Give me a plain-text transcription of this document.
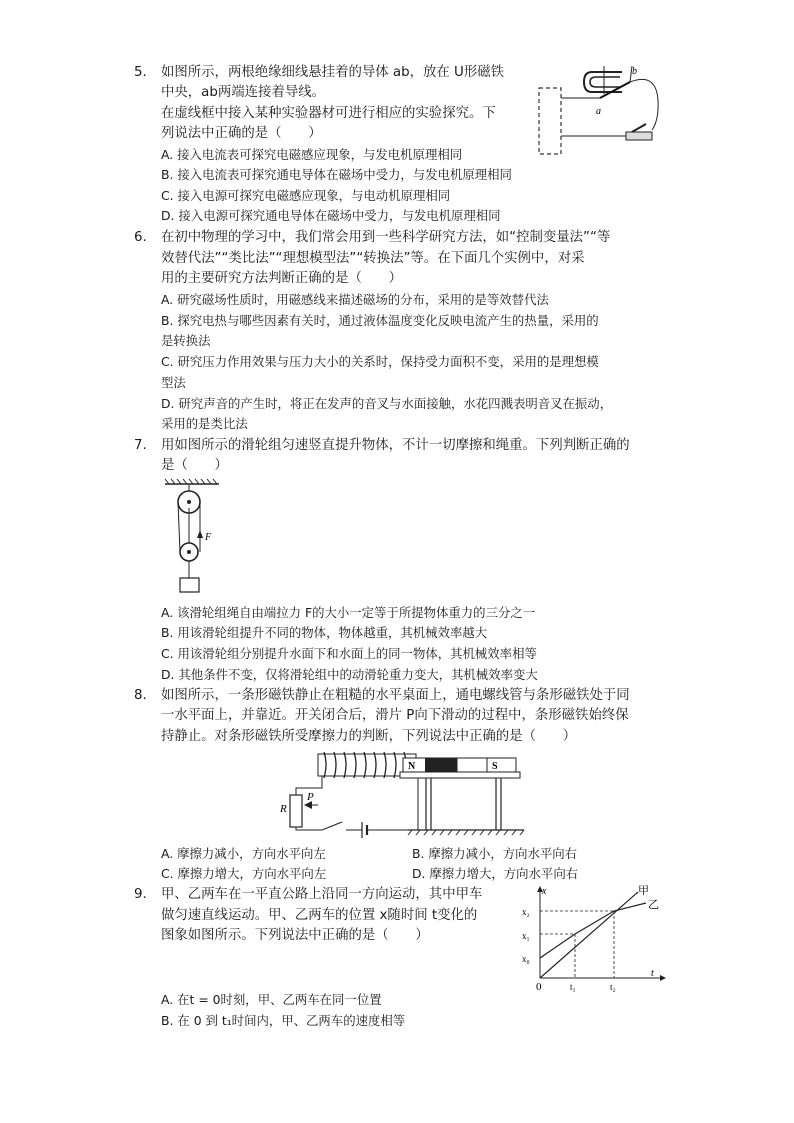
5. 如图所示，两根绝缘细线悬挂着的导体 ab，放在 U形磁铁
中央，ab两端连接着导线。
在虚线框中接入某种实验器材可进行相应的实验探究。下
列说法中正确的是（　　）
A. 接入电流表可探究电磁感应现象，与发电机原理相同
B. 接入电流表可探究通电导体在磁场中受力，与发电机原理相同
C. 接入电源可探究电磁感应现象，与电动机原理相同
D. 接入电源可探究通电导体在磁场中受力，与发电机原理相同
b
a
6. 在初中物理的学习中，我们常会用到一些科学研究方法，如“控制变量法”“等
效替代法”“类比法”“理想模型法”“转换法”等。在下面几个实例中，对采
用的主要研究方法判断正确的是（　　）
A. 研究磁场性质时，用磁感线来描述磁场的分布，采用的是等效替代法
B. 探究电热与哪些因素有关时，通过液体温度变化反映电流产生的热量，采用的
是转换法
C. 研究压力作用效果与压力大小的关系时，保持受力面积不变，采用的是理想模
型法
D. 研究声音的产生时，将正在发声的音叉与水面接触，水花四溅表明音叉在振动，
采用的是类比法
7. 用如图所示的滑轮组匀速竖直提升物体，不计一切摩擦和绳重。下列判断正确的
是（　　）
F
A. 该滑轮组绳自由端拉力 F的大小一定等于所提物体重力的三分之一
B. 用该滑轮组提升不同的物体，物体越重，其机械效率越大
C. 用该滑轮组分别提升水面下和水面上的同一物体，其机械效率相等
D. 其他条件不变，仅将滑轮组中的动滑轮重力变大，其机械效率变大
8. 如图所示，一条形磁铁静止在粗糙的水平桌面上，通电螺线管与条形磁铁处于同
一水平面上，并靠近。开关闭合后，滑片 P向下滑动的过程中，条形磁铁始终保
持静止。对条形磁铁所受摩擦力的判断，下列说法中正确的是（　　）
R
P
N	S
A. 摩擦力减小，方向水平向左	B. 摩擦力减小，方向水平向右
C. 摩擦力增大，方向水平向左	D. 摩擦力增大，方向水平向右
9. 甲、乙两车在一平直公路上沿同一方向运动，其中甲车
做匀速直线运动。甲、乙两车的位置 x随时间 t变化的
图象如图所示。下列说法中正确的是（　　）
x
t
0
x₀
x₁
x₂
t₁	t₂
甲
乙
A. 在t = 0时刻，甲、乙两车在同一位置
B. 在 0 到 t₁时间内，甲、乙两车的速度相等
